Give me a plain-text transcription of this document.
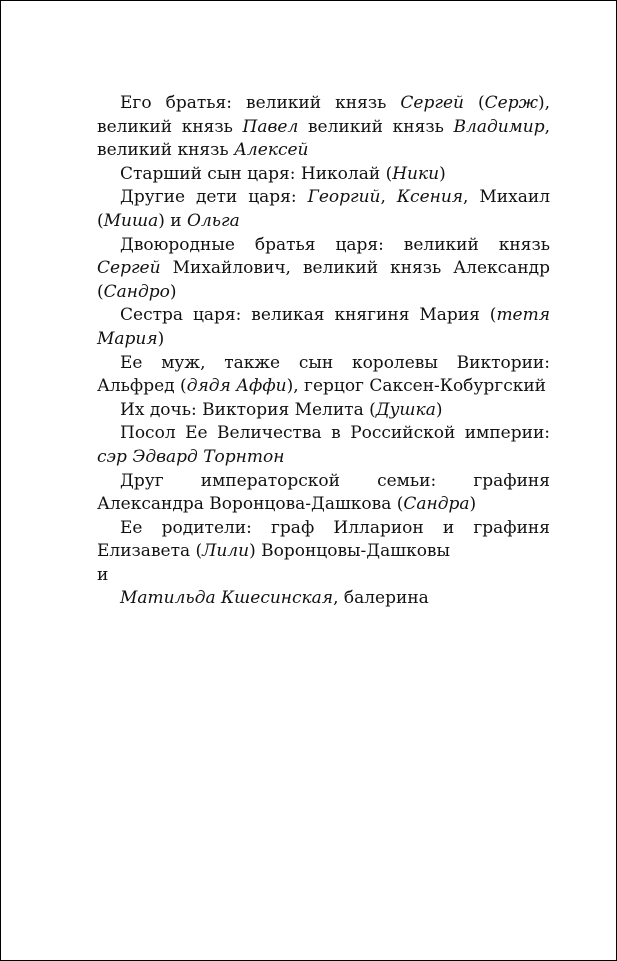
Его братья: великий князь Сергей (Серж), великий князь Павел великий князь Владимир, великий князь Алексей

Старший сын царя: Николай (Ники)

Другие дети царя: Георгий, Ксения, Михаил (Миша) и Ольга

Двоюродные братья царя: великий князь Сергей Михайлович, великий князь Александр (Сандро)

Сестра царя: великая княгиня Мария (тетя Мария)

Ее муж, также сын королевы Виктории: Альфред (дядя Аффи), герцог Саксен-Кобургский

Их дочь: Виктория Мелита (Душка)

Посол Ее Величества в Российской империи: сэр Эдвард Торнтон

Друг императорской семьи: графиня Александра Воронцова-Дашкова (Сандра)

Ее родители: граф Илларион и графиня Елизавета (Лили) Воронцовы-Дашковы

и

Матильда Кшесинская, балерина
